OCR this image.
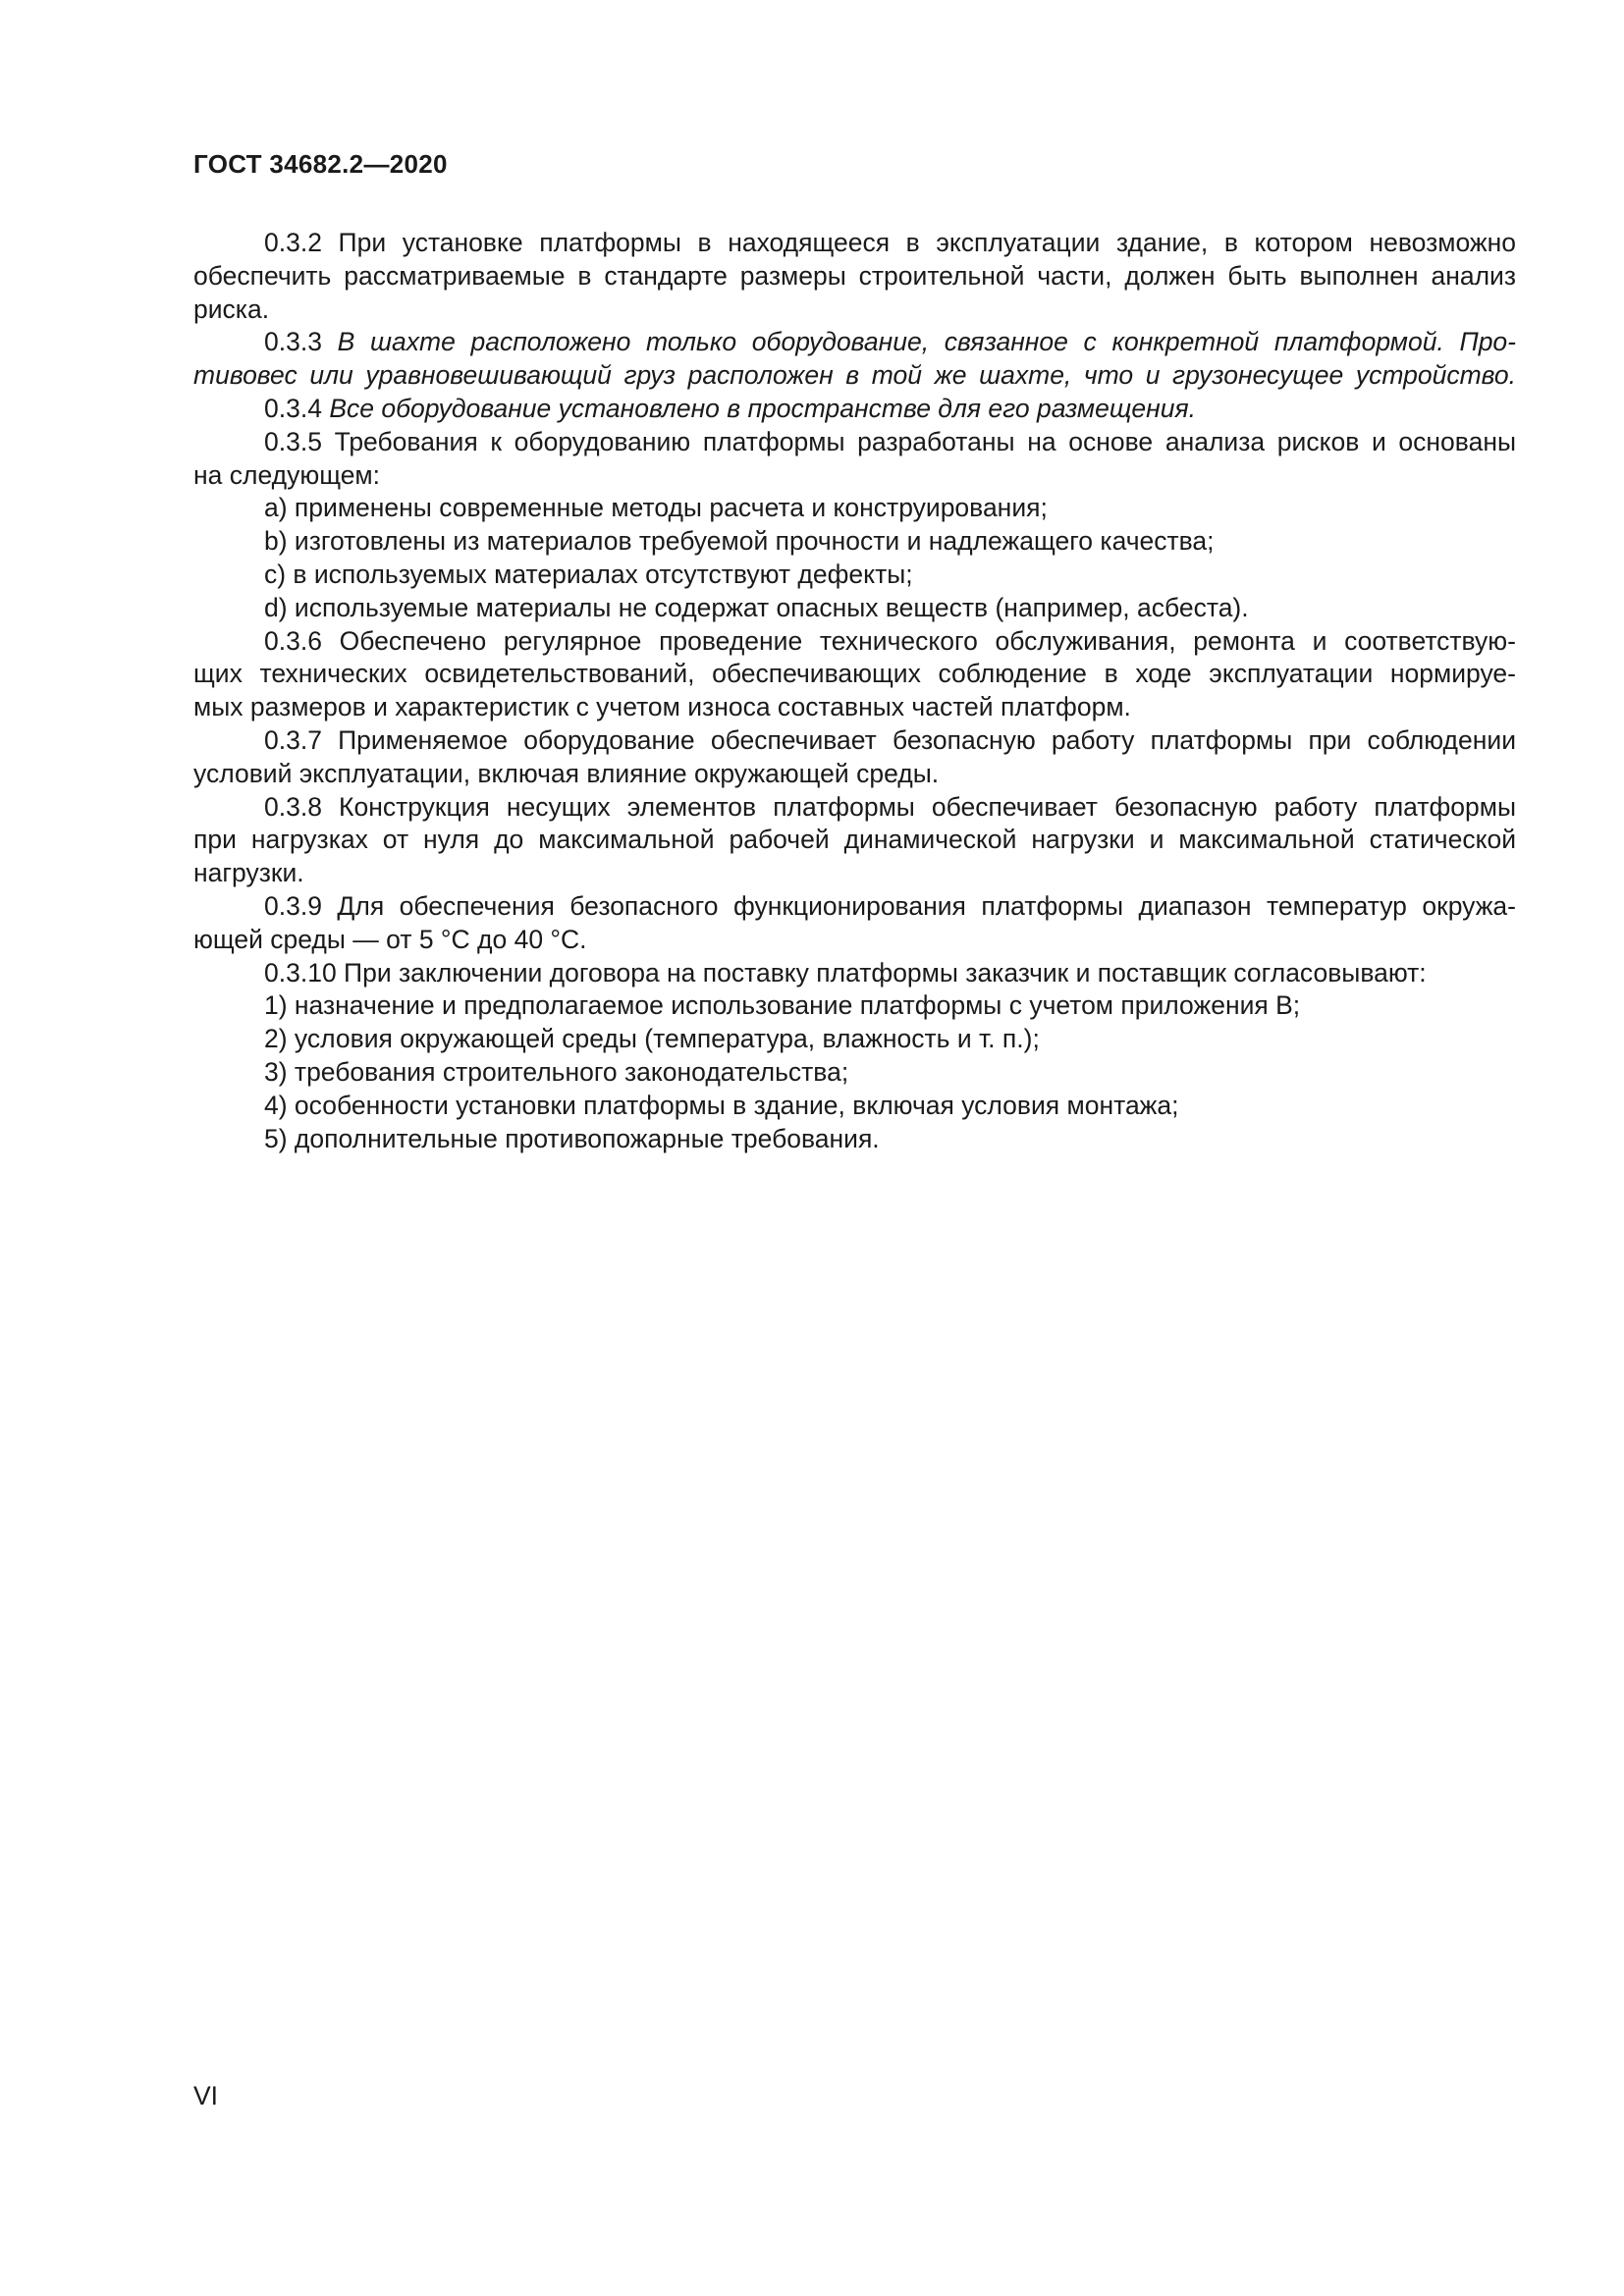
ГОСТ 34682.2—2020
0.3.2 При установке платформы в находящееся в эксплуатации здание, в котором невозможно
обеспечить рассматриваемые в стандарте размеры строительной части, должен быть выполнен анализ
риска.
0.3.3 В шахте расположено только оборудование, связанное с конкретной платформой. Про-
тивовес или уравновешивающий груз расположен в той же шахте, что и грузонесущее устройство.
0.3.4 Все оборудование установлено в пространстве для его размещения.
0.3.5 Требования к оборудованию платформы разработаны на основе анализа рисков и основаны
на следующем:
а) применены современные методы расчета и конструирования;
b) изготовлены из материалов требуемой прочности и надлежащего качества;
c) в используемых материалах отсутствуют дефекты;
d) используемые материалы не содержат опасных веществ (например, асбеста).
0.3.6 Обеспечено регулярное проведение технического обслуживания, ремонта и соответствую-
щих технических освидетельствований, обеспечивающих соблюдение в ходе эксплуатации нормируе-
мых размеров и характеристик с учетом износа составных частей платформ.
0.3.7 Применяемое оборудование обеспечивает безопасную работу платформы при соблюдении
условий эксплуатации, включая влияние окружающей среды.
0.3.8 Конструкция несущих элементов платформы обеспечивает безопасную работу платформы
при нагрузках от нуля до максимальной рабочей динамической нагрузки и максимальной статической
нагрузки.
0.3.9 Для обеспечения безопасного функционирования платформы диапазон температур окружа-
ющей среды — от 5 °С до 40 °С.
0.3.10 При заключении договора на поставку платформы заказчик и поставщик согласовывают:
1) назначение и предполагаемое использование платформы с учетом приложения В;
2) условия окружающей среды (температура, влажность и т. п.);
3) требования строительного законодательства;
4) особенности установки платформы в здание, включая условия монтажа;
5) дополнительные противопожарные требования.
VI
